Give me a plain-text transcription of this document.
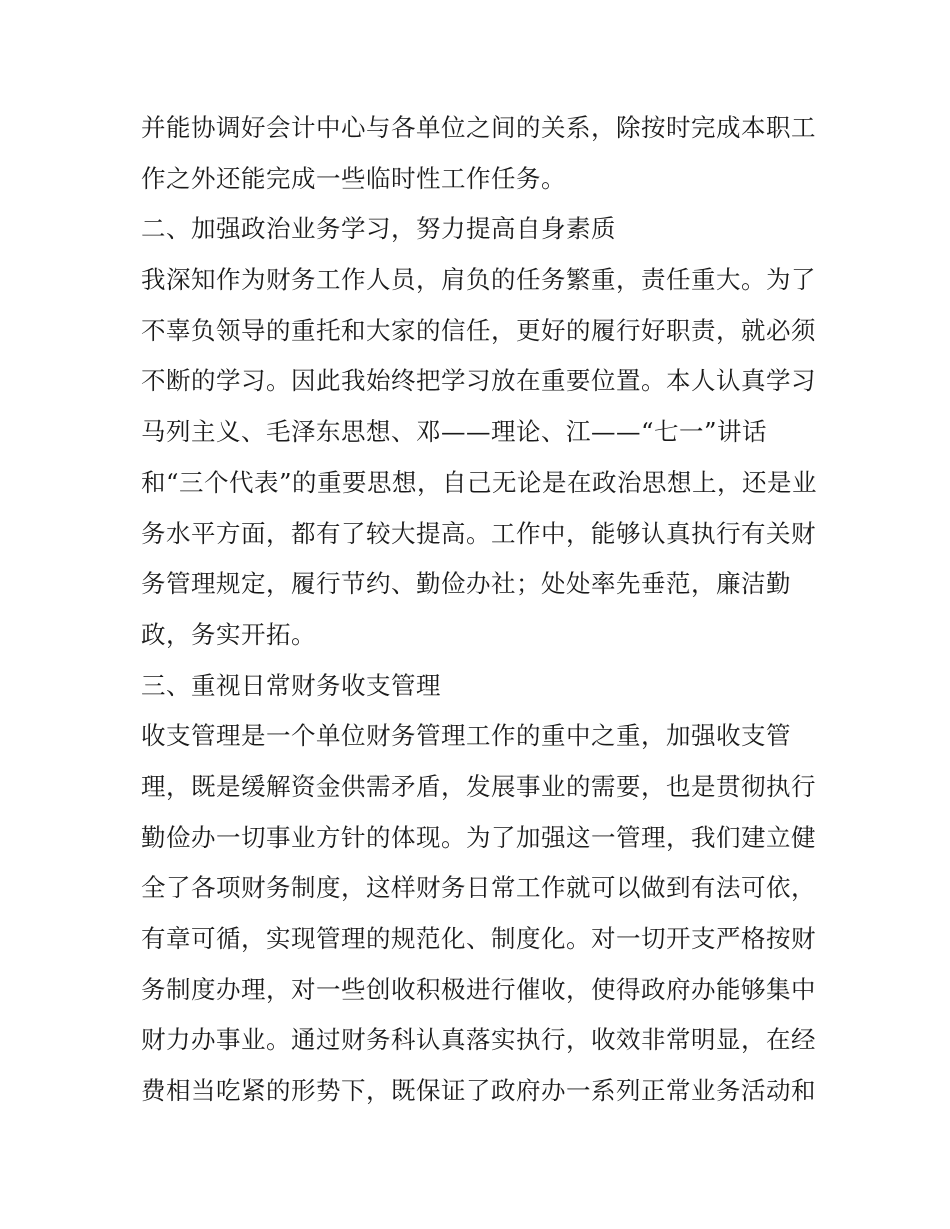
并能协调好会计中心与各单位之间的关系，除按时完成本职工
作之外还能完成一些临时性工作任务。
二、加强政治业务学习，努力提高自身素质
我深知作为财务工作人员，肩负的任务繁重，责任重大。为了
不辜负领导的重托和大家的信任，更好的履行好职责，就必须
不断的学习。因此我始终把学习放在重要位置。本人认真学习
马列主义、毛泽东思想、邓——理论、江——“七一”讲话
和“三个代表”的重要思想，自己无论是在政治思想上，还是业
务水平方面，都有了较大提高。工作中，能够认真执行有关财
务管理规定，履行节约、勤俭办社；处处率先垂范，廉洁勤
政，务实开拓。
三、重视日常财务收支管理
收支管理是一个单位财务管理工作的重中之重，加强收支管
理，既是缓解资金供需矛盾，发展事业的需要，也是贯彻执行
勤俭办一切事业方针的体现。为了加强这一管理，我们建立健
全了各项财务制度，这样财务日常工作就可以做到有法可依，
有章可循，实现管理的规范化、制度化。对一切开支严格按财
务制度办理，对一些创收积极进行催收，使得政府办能够集中
财力办事业。通过财务科认真落实执行，收效非常明显，在经
费相当吃紧的形势下，既保证了政府办一系列正常业务活动和
